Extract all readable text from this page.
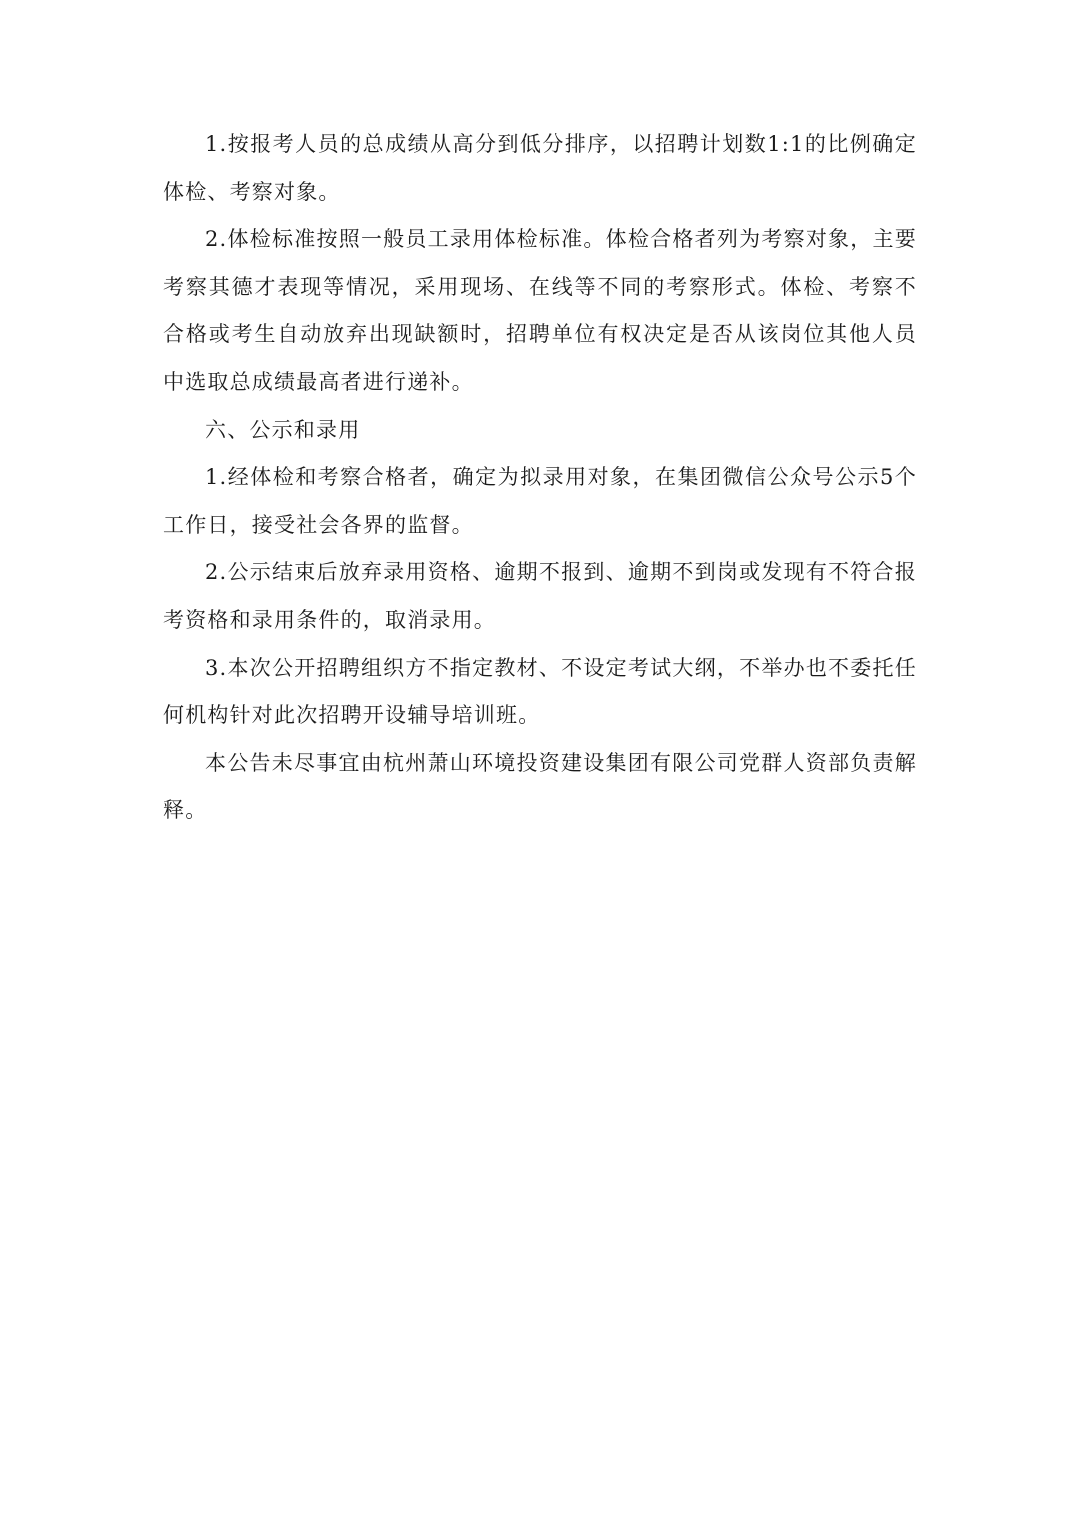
1.按报考人员的总成绩从高分到低分排序，以招聘计划数1:1的比例确定体检、考察对象。

2.体检标准按照一般员工录用体检标准。体检合格者列为考察对象，主要考察其德才表现等情况，采用现场、在线等不同的考察形式。体检、考察不合格或考生自动放弃出现缺额时，招聘单位有权决定是否从该岗位其他人员中选取总成绩最高者进行递补。

六、公示和录用

1.经体检和考察合格者，确定为拟录用对象，在集团微信公众号公示5个工作日，接受社会各界的监督。

2.公示结束后放弃录用资格、逾期不报到、逾期不到岗或发现有不符合报考资格和录用条件的，取消录用。

3.本次公开招聘组织方不指定教材、不设定考试大纲，不举办也不委托任何机构针对此次招聘开设辅导培训班。

本公告未尽事宜由杭州萧山环境投资建设集团有限公司党群人资部负责解释。
